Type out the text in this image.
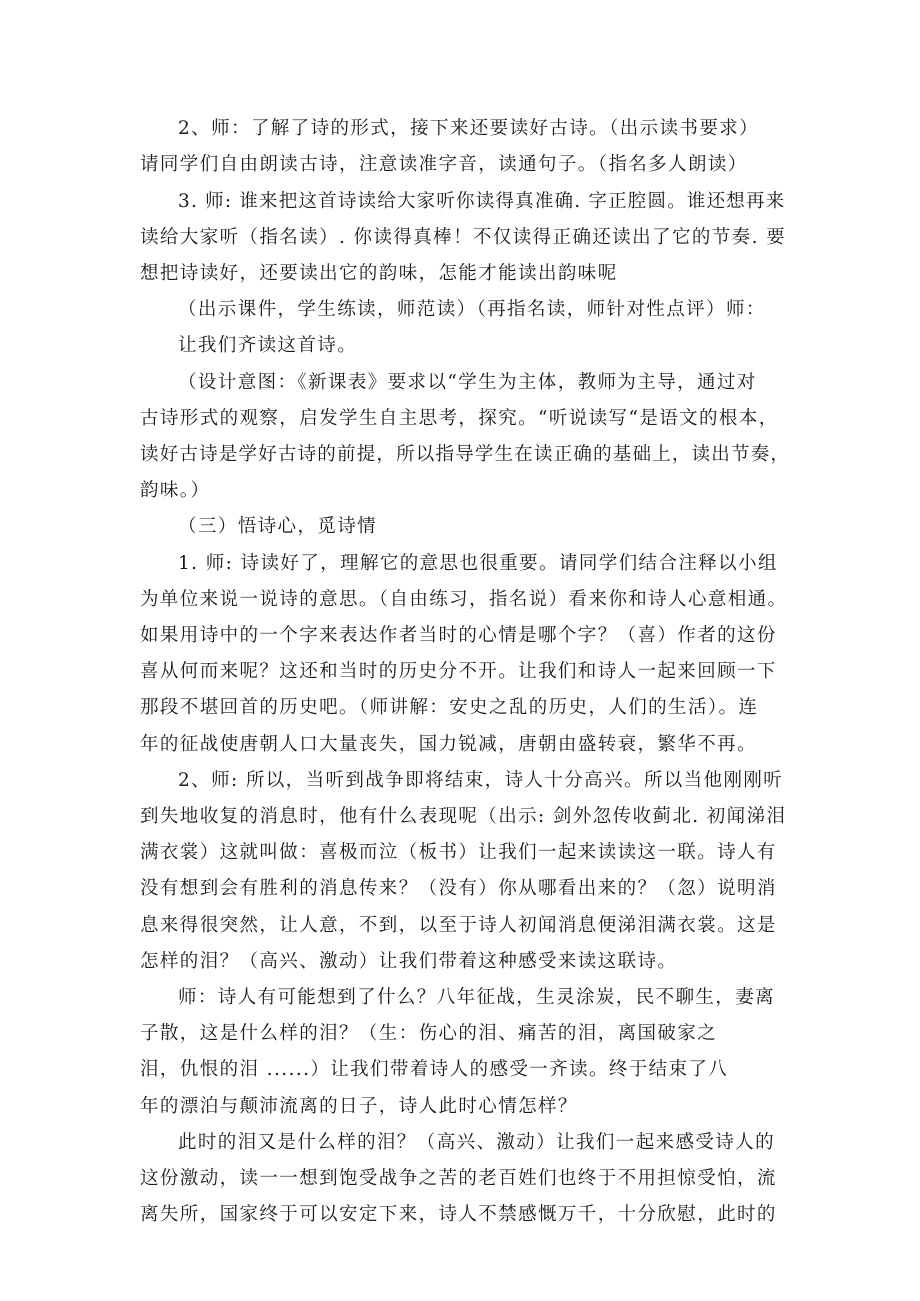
2、师：了解了诗的形式，接下来还要读好古诗。（出示读书要求）

请同学们自由朗读古诗，注意读准字音，读通句子。（指名多人朗读）

3. 师: 谁来把这首诗读给大家听你读得真准确. 字正腔圆。谁还想再来

读给大家听（指名读）. 你读得真棒！不仅读得正确还读出了它的节奏. 要

想把诗读好，还要读出它的韵味，怎能才能读出韵味呢

（出示课件，学生练读，师范读）（再指名读，师针对性点评）师：

让我们齐读这首诗。

（设计意图：《新课表》要求以“学生为主体，教师为主导，通过对

古诗形式的观察，启发学生自主思考，探究。“听说读写“是语文的根本，

读好古诗是学好古诗的前提，所以指导学生在读正确的基础上，读出节奏，

韵味。）

（三）悟诗心，觅诗情

1. 师: 诗读好了，理解它的意思也很重要。请同学们结合注释以小组

为单位来说一说诗的意思。（自由练习，指名说）看来你和诗人心意相通。

如果用诗中的一个字来表达作者当时的心情是哪个字？（喜）作者的这份

喜从何而来呢？这还和当时的历史分不开。让我们和诗人一起来回顾一下

那段不堪回首的历史吧。（师讲解：安史之乱的历史，人们的生活）。连

年的征战使唐朝人口大量丧失，国力锐减，唐朝由盛转衰，繁华不再。

2、师: 所以，当听到战争即将结束，诗人十分高兴。所以当他刚刚听

到失地收复的消息时，他有什么表现呢（出示: 剑外忽传收蓟北. 初闻涕泪

满衣裳）这就叫做：喜极而泣（板书）让我们一起来读读这一联。诗人有

没有想到会有胜利的消息传来？（没有）你从哪看出来的？（忽）说明消

息来得很突然，让人意，不到，以至于诗人初闻消息便涕泪满衣裳。这是

怎样的泪？（高兴、激动）让我们带着这种感受来读这联诗。

师：诗人有可能想到了什么？八年征战，生灵涂炭，民不聊生，妻离

子散，这是什么样的泪？（生：伤心的泪、痛苦的泪，离国破家之

泪，仇恨的泪 ......）让我们带着诗人的感受一齐读。终于结束了八

年的漂泊与颠沛流离的日子，诗人此时心情怎样？

此时的泪又是什么样的泪？（高兴、激动）让我们一起来感受诗人的

这份激动，读一一想到饱受战争之苦的老百姓们也终于不用担惊受怕，流

离失所，国家终于可以安定下来，诗人不禁感慨万千，十分欣慰，此时的
